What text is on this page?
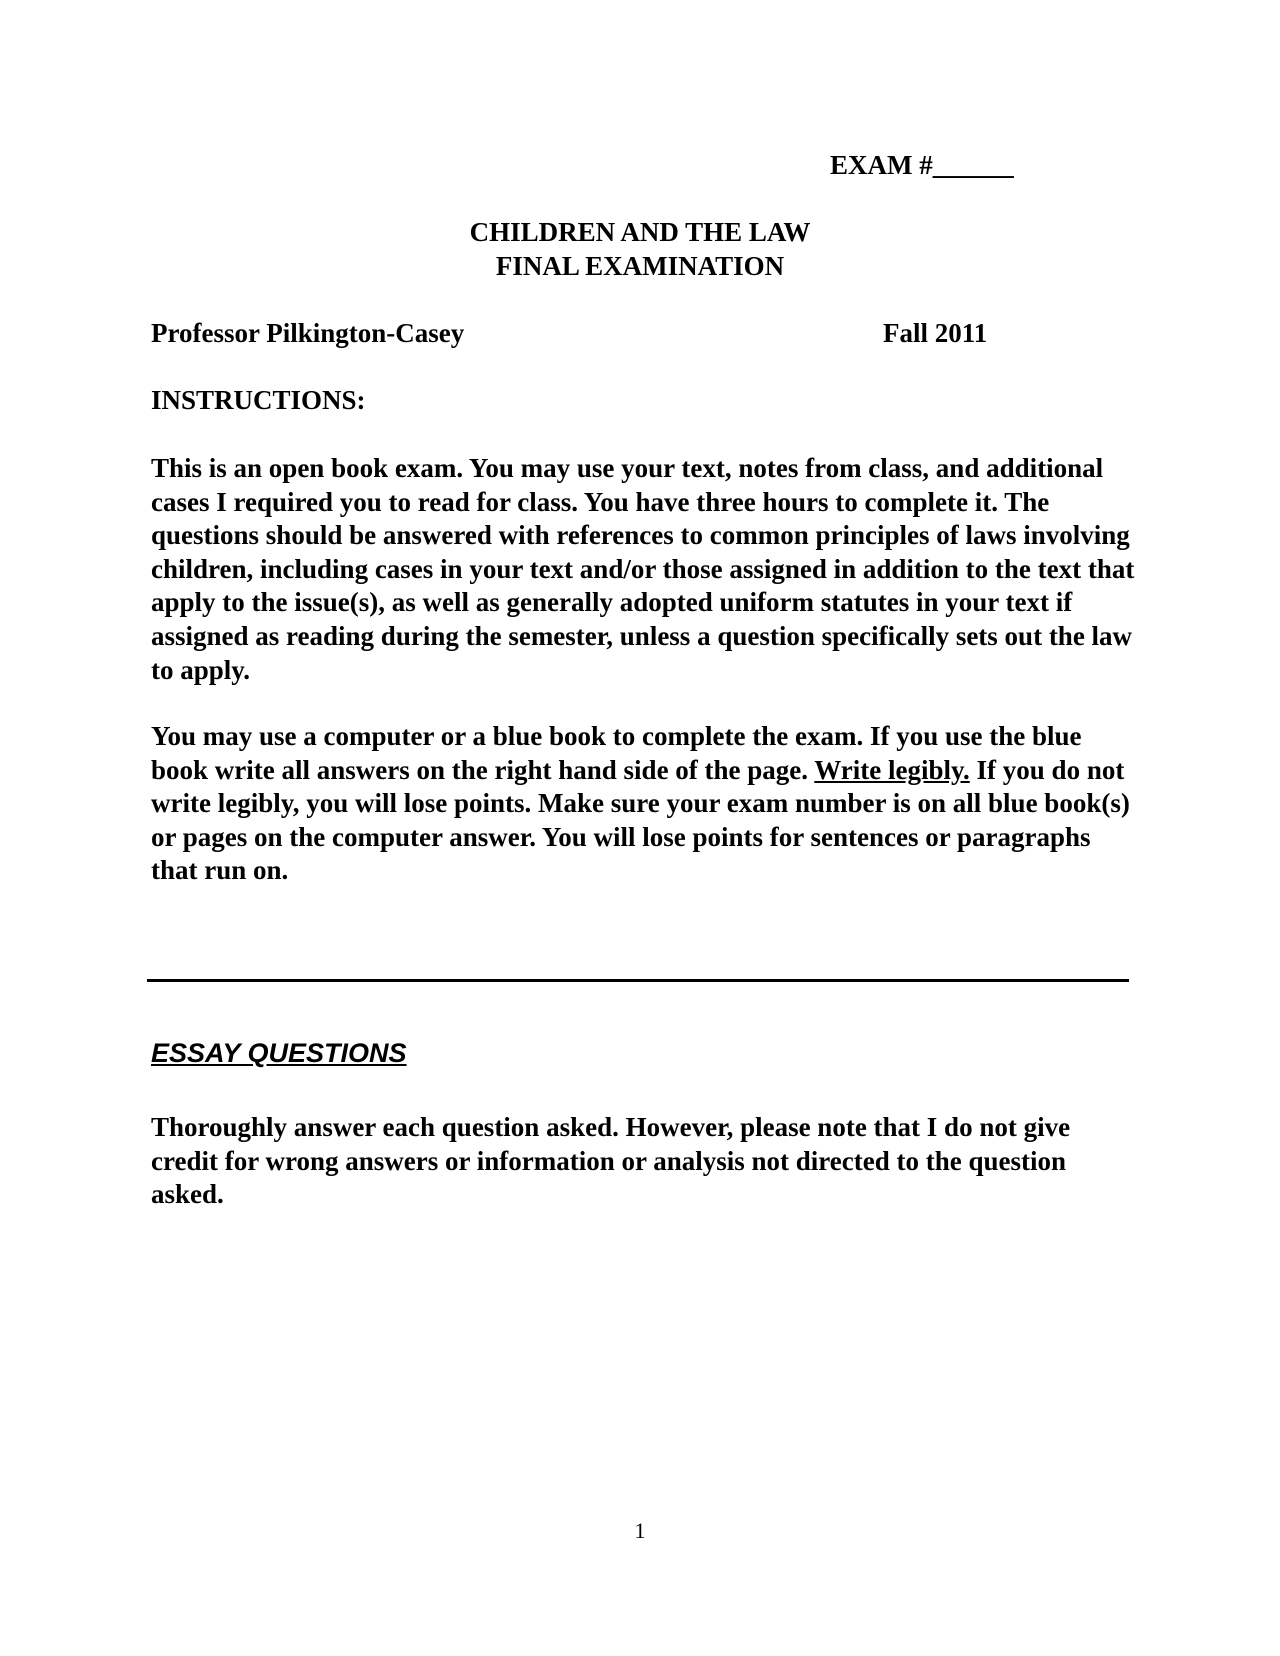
EXAM #______
CHILDREN AND THE LAW
FINAL EXAMINATION
Professor Pilkington-Casey	Fall 2011
INSTRUCTIONS:
This is an open book exam. You may use your text, notes from class, and additional cases I required you to read for class. You have three hours to complete it. The questions should be answered with references to common principles of laws involving children, including cases in your text and/or those assigned in addition to the text that apply to the issue(s), as well as generally adopted uniform statutes in your text if assigned as reading during the semester, unless a question specifically sets out the law to apply.
You may use a computer or a blue book to complete the exam. If you use the blue book write all answers on the right hand side of the page. Write legibly. If you do not write legibly, you will lose points. Make sure your exam number is on all blue book(s) or pages on the computer answer. You will lose points for sentences or paragraphs that run on.
ESSAY QUESTIONS
Thoroughly answer each question asked. However, please note that I do not give credit for wrong answers or information or analysis not directed to the question asked.
1
